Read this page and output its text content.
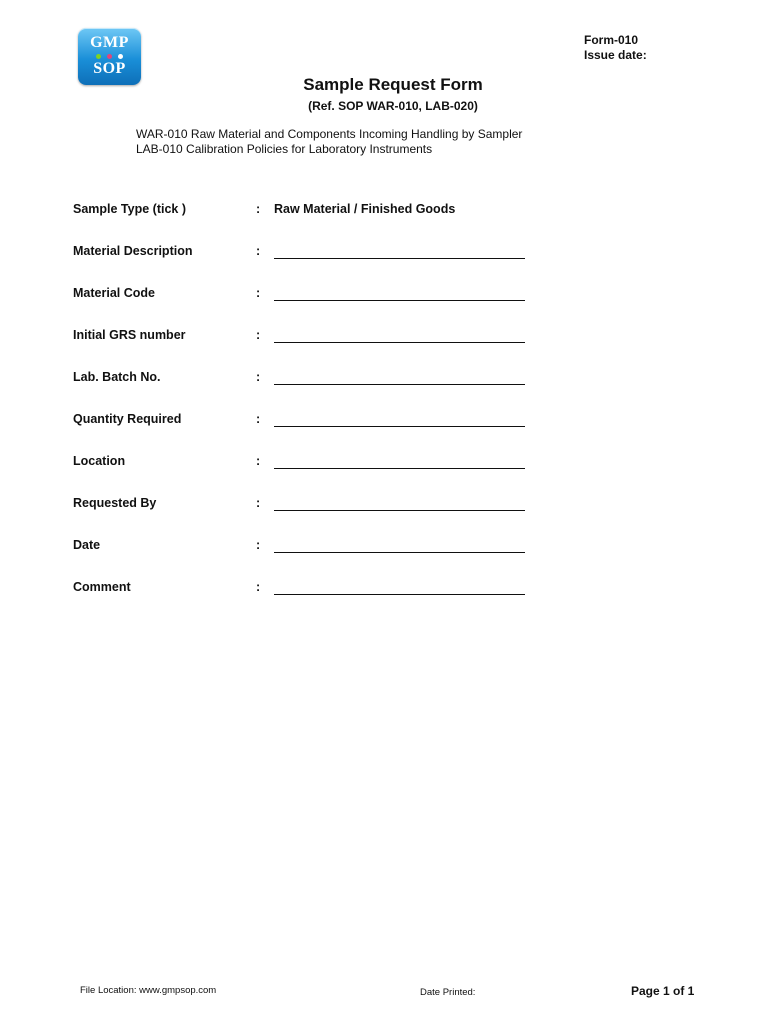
GMP
SOP
Form-010
Issue date:
Sample Request Form
(Ref. SOP WAR-010, LAB-020)
WAR-010 Raw Material and Components Incoming Handling by Sampler
LAB-010 Calibration Policies for Laboratory Instruments
Sample Type (tick )	: Raw Material / Finished Goods
Material Description	:
Material Code	:
Initial GRS number	:
Lab. Batch No.	:
Quantity Required	:
Location	:
Requested By	:
Date	:
Comment	:
File Location: www.gmpsop.com	Date Printed:	Page 1 of 1
